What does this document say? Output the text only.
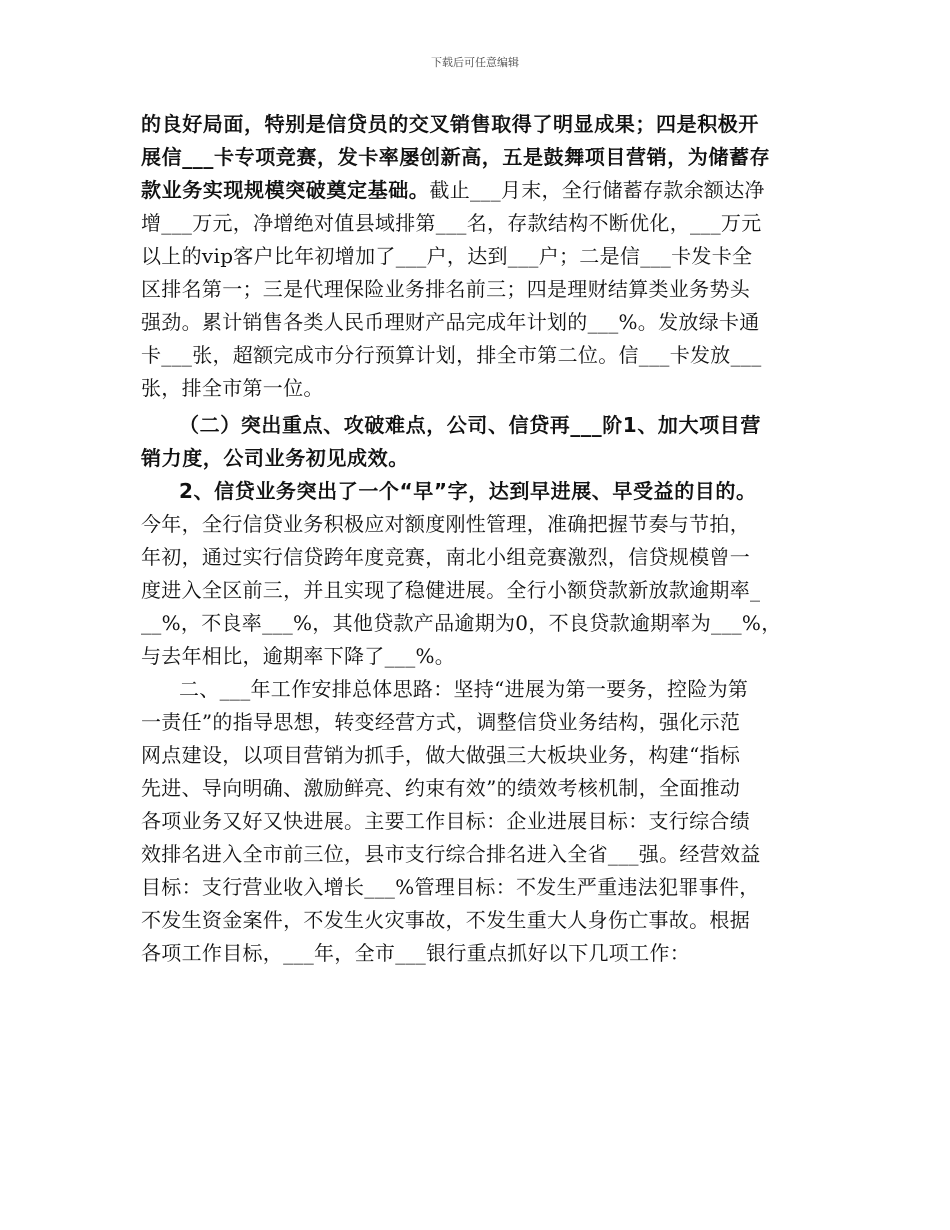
下载后可任意编辑
的良好局面，特别是信贷员的交叉销售取得了明显成果；四是积极开
展信___卡专项竞赛，发卡率屡创新高，五是鼓舞项目营销，为储蓄存
款业务实现规模突破奠定基础。截止___月末，全行储蓄存款余额达净
增___万元，净增绝对值县域排第___名，存款结构不断优化，___万元
以上的vip客户比年初增加了___户，达到___户；二是信___卡发卡全
区排名第一；三是代理保险业务排名前三；四是理财结算类业务势头
强劲。累计销售各类人民币理财产品完成年计划的___%。发放绿卡通
卡___张，超额完成市分行预算计划，排全市第二位。信___卡发放___
张，排全市第一位。
（二）突出重点、攻破难点，公司、信贷再___阶1、加大项目营
销力度，公司业务初见成效。
2、信贷业务突出了一个“早”字，达到早进展、早受益的目的。
今年，全行信贷业务积极应对额度刚性管理，准确把握节奏与节拍，
年初，通过实行信贷跨年度竞赛，南北小组竞赛激烈，信贷规模曾一
度进入全区前三，并且实现了稳健进展。全行小额贷款新放款逾期率_
__%，不良率___%，其他贷款产品逾期为0，不良贷款逾期率为___%，
与去年相比，逾期率下降了___%。
二、___年工作安排总体思路：坚持“进展为第一要务，控险为第
一责任”的指导思想，转变经营方式，调整信贷业务结构，强化示范
网点建设，以项目营销为抓手，做大做强三大板块业务，构建“指标
先进、导向明确、激励鲜亮、约束有效”的绩效考核机制，全面推动
各项业务又好又快进展。主要工作目标：企业进展目标：支行综合绩
效排名进入全市前三位，县市支行综合排名进入全省___强。经营效益
目标：支行营业收入增长___%管理目标：不发生严重违法犯罪事件，
不发生资金案件，不发生火灾事故，不发生重大人身伤亡事故。根据
各项工作目标，___年，全市___银行重点抓好以下几项工作：
